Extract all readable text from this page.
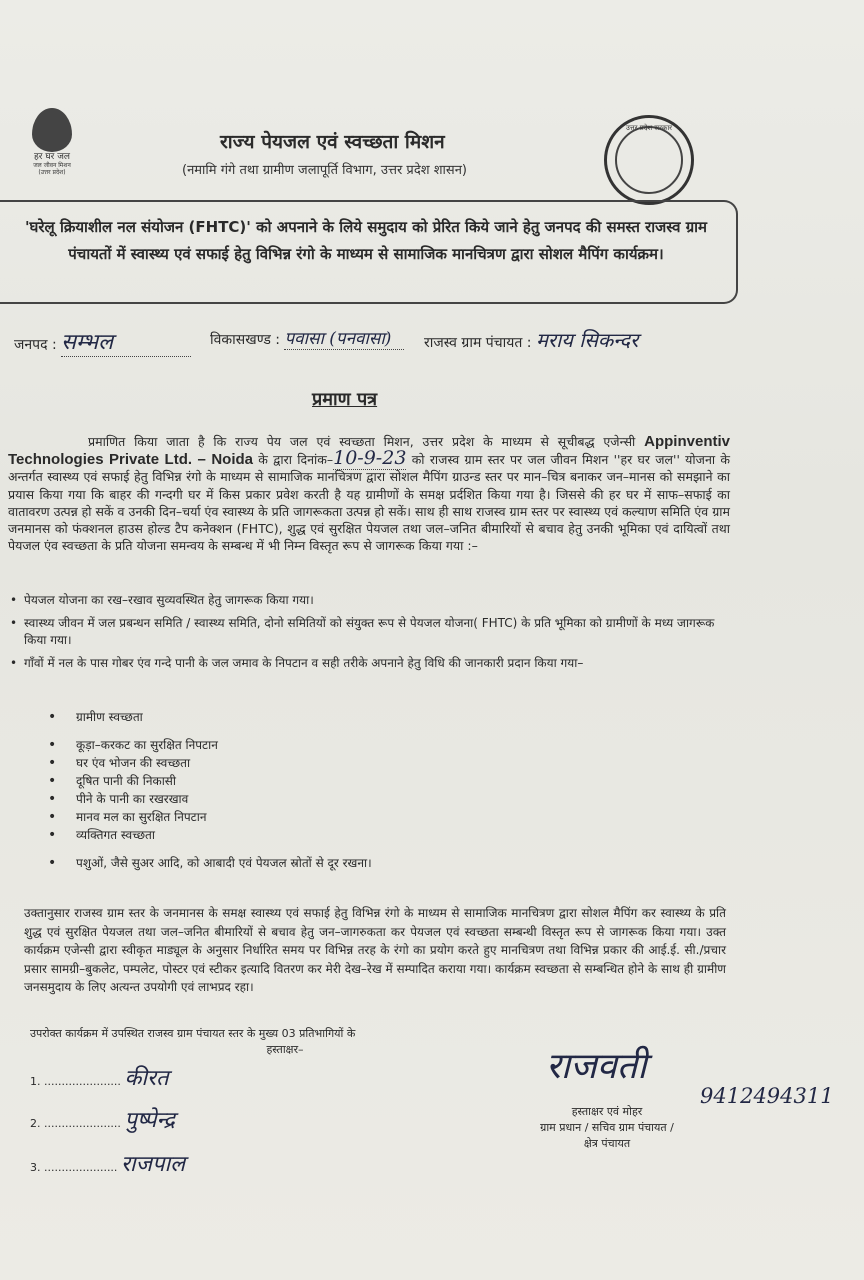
हर घर जल
जल जीवन मिशन
(उत्तर प्रदेश)
राज्य पेयजल एवं स्वच्छता मिशन
(नमामि गंगे तथा ग्रामीण जलापूर्ति विभाग, उत्तर प्रदेश शासन)
उत्तर प्रदेश सरकार
'घरेलू क्रियाशील नल संयोजन (FHTC)' को अपनाने के लिये समुदाय को प्रेरित किये जाने हेतु जनपद की समस्त राजस्व ग्राम पंचायतों में स्वास्थ्य एवं सफाई हेतु विभिन्न रंगो के माध्यम से सामाजिक मानचित्रण द्वारा सोशल मैपिंग कार्यक्रम।
जनपद : सम्भल	विकासखण्ड : पवासा (पनवासा)	राजस्व ग्राम पंचायत : मराय सिकन्दर
प्रमाण पत्र
प्रमाणित किया जाता है कि राज्य पेय जल एवं स्वच्छता मिशन, उत्तर प्रदेश के माध्यम से सूचीबद्ध एजेन्सी Appinventiv Technologies Private Ltd. – Noida के द्वारा दिनांक–10-9-23 को राजस्व ग्राम स्तर पर जल जीवन मिशन ''हर घर जल'' योजना के अन्तर्गत स्वास्थ्य एवं सफाई हेतु विभिन्न रंगो के माध्यम से सामाजिक मानचित्रण द्वारा सोशल मैपिंग ग्राउन्ड स्तर पर मान–चित्र बनाकर जन–मानस को समझाने का प्रयास किया गया कि बाहर की गन्दगी घर में किस प्रकार प्रवेश करती है यह ग्रामीणों के समक्ष प्रर्दशित किया गया है। जिससे की हर घर में साफ–सफाई का वातावरण उत्पन्न हो सकें व उनकी दिन–चर्या एंव स्वास्थ्य के प्रति जागरूकता उत्पन्न हो सकें। साथ ही साथ राजस्व ग्राम स्तर पर स्वास्थ्य एवं कल्याण समिति एंव ग्राम जनमानस को फंक्शनल हाउस होल्ड टैप कनेक्शन (FHTC), शुद्ध एवं सुरक्षित पेयजल तथा जल–जनित बीमारियों से बचाव हेतु उनकी भूमिका एवं दायित्वों तथा पेयजल एंव स्वच्छता के प्रति योजना समन्वय के सम्बन्ध में भी निम्न विस्तृत रूप से जागरूक किया गया :–
• पेयजल योजना का रख–रखाव सुव्यवस्थित हेतु जागरूक किया गया।
• स्वास्थ्य जीवन में जल प्रबन्धन समिति / स्वास्थ्य समिति, दोनो समितियों को संयुक्त रूप से पेयजल योजना( FHTC) के प्रति भूमिका को ग्रामीणों के मध्य जागरूक किया गया।
• गाँवों में नल के पास गोबर एंव गन्दे पानी के जल जमाव के निपटान व सही तरीके अपनाने हेतु विधि की जानकारी प्रदान किया गया–
• ग्रामीण स्वच्छता
• कूड़ा–करकट का सुरक्षित निपटान
• घर एंव भोजन की स्वच्छता
• दूषित पानी की निकासी
• पीने के पानी का रखरखाव
• मानव मल का सुरक्षित निपटान
• व्यक्तिगत स्वच्छता
• पशुओं, जैसे सुअर आदि, को आबादी एवं पेयजल स्रोतों से दूर रखना।
उक्तानुसार राजस्व ग्राम स्तर के जनमानस के समक्ष स्वास्थ्य एवं सफाई हेतु विभिन्न रंगो के माध्यम से सामाजिक मानचित्रण द्वारा सोशल मैपिंग कर स्वास्थ्य के प्रति शुद्ध एवं सुरक्षित पेयजल तथा जल–जनित बीमारियों से बचाव हेतु जन–जागरुकता कर पेयजल एवं स्वच्छता सम्बन्धी विस्तृत रूप से जागरूक किया गया। उक्त कार्यक्रम एजेन्सी द्वारा स्वीकृत माड्यूल के अनुसार निर्धारित समय पर विभिन्न तरह के रंगो का प्रयोग करते हुए मानचित्रण तथा विभिन्न प्रकार की आई.ई. सी./प्रचार प्रसार सामग्री–बुकलेट, पम्पलेट, पोस्टर एवं स्टीकर इत्यादि वितरण कर मेरी देख–रेख में सम्पादित कराया गया। कार्यक्रम स्वच्छता से सम्बन्धित होने के साथ ही ग्रामीण जनसमुदाय के लिए अत्यन्त उपयोगी एवं लाभप्रद रहा।
उपरोक्त कार्यक्रम में उपस्थित राजस्व ग्राम पंचायत स्तर के मुख्य 03 प्रतिभागियों के
हस्ताक्षर–
1. ...................... कीरत
2. ...................... पुष्पेन्द्र
3. ..................... राजपाल
राजवती
9412494311
हस्ताक्षर एवं मोहर
ग्राम प्रधान / सचिव ग्राम पंचायत /
क्षेत्र पंचायत
